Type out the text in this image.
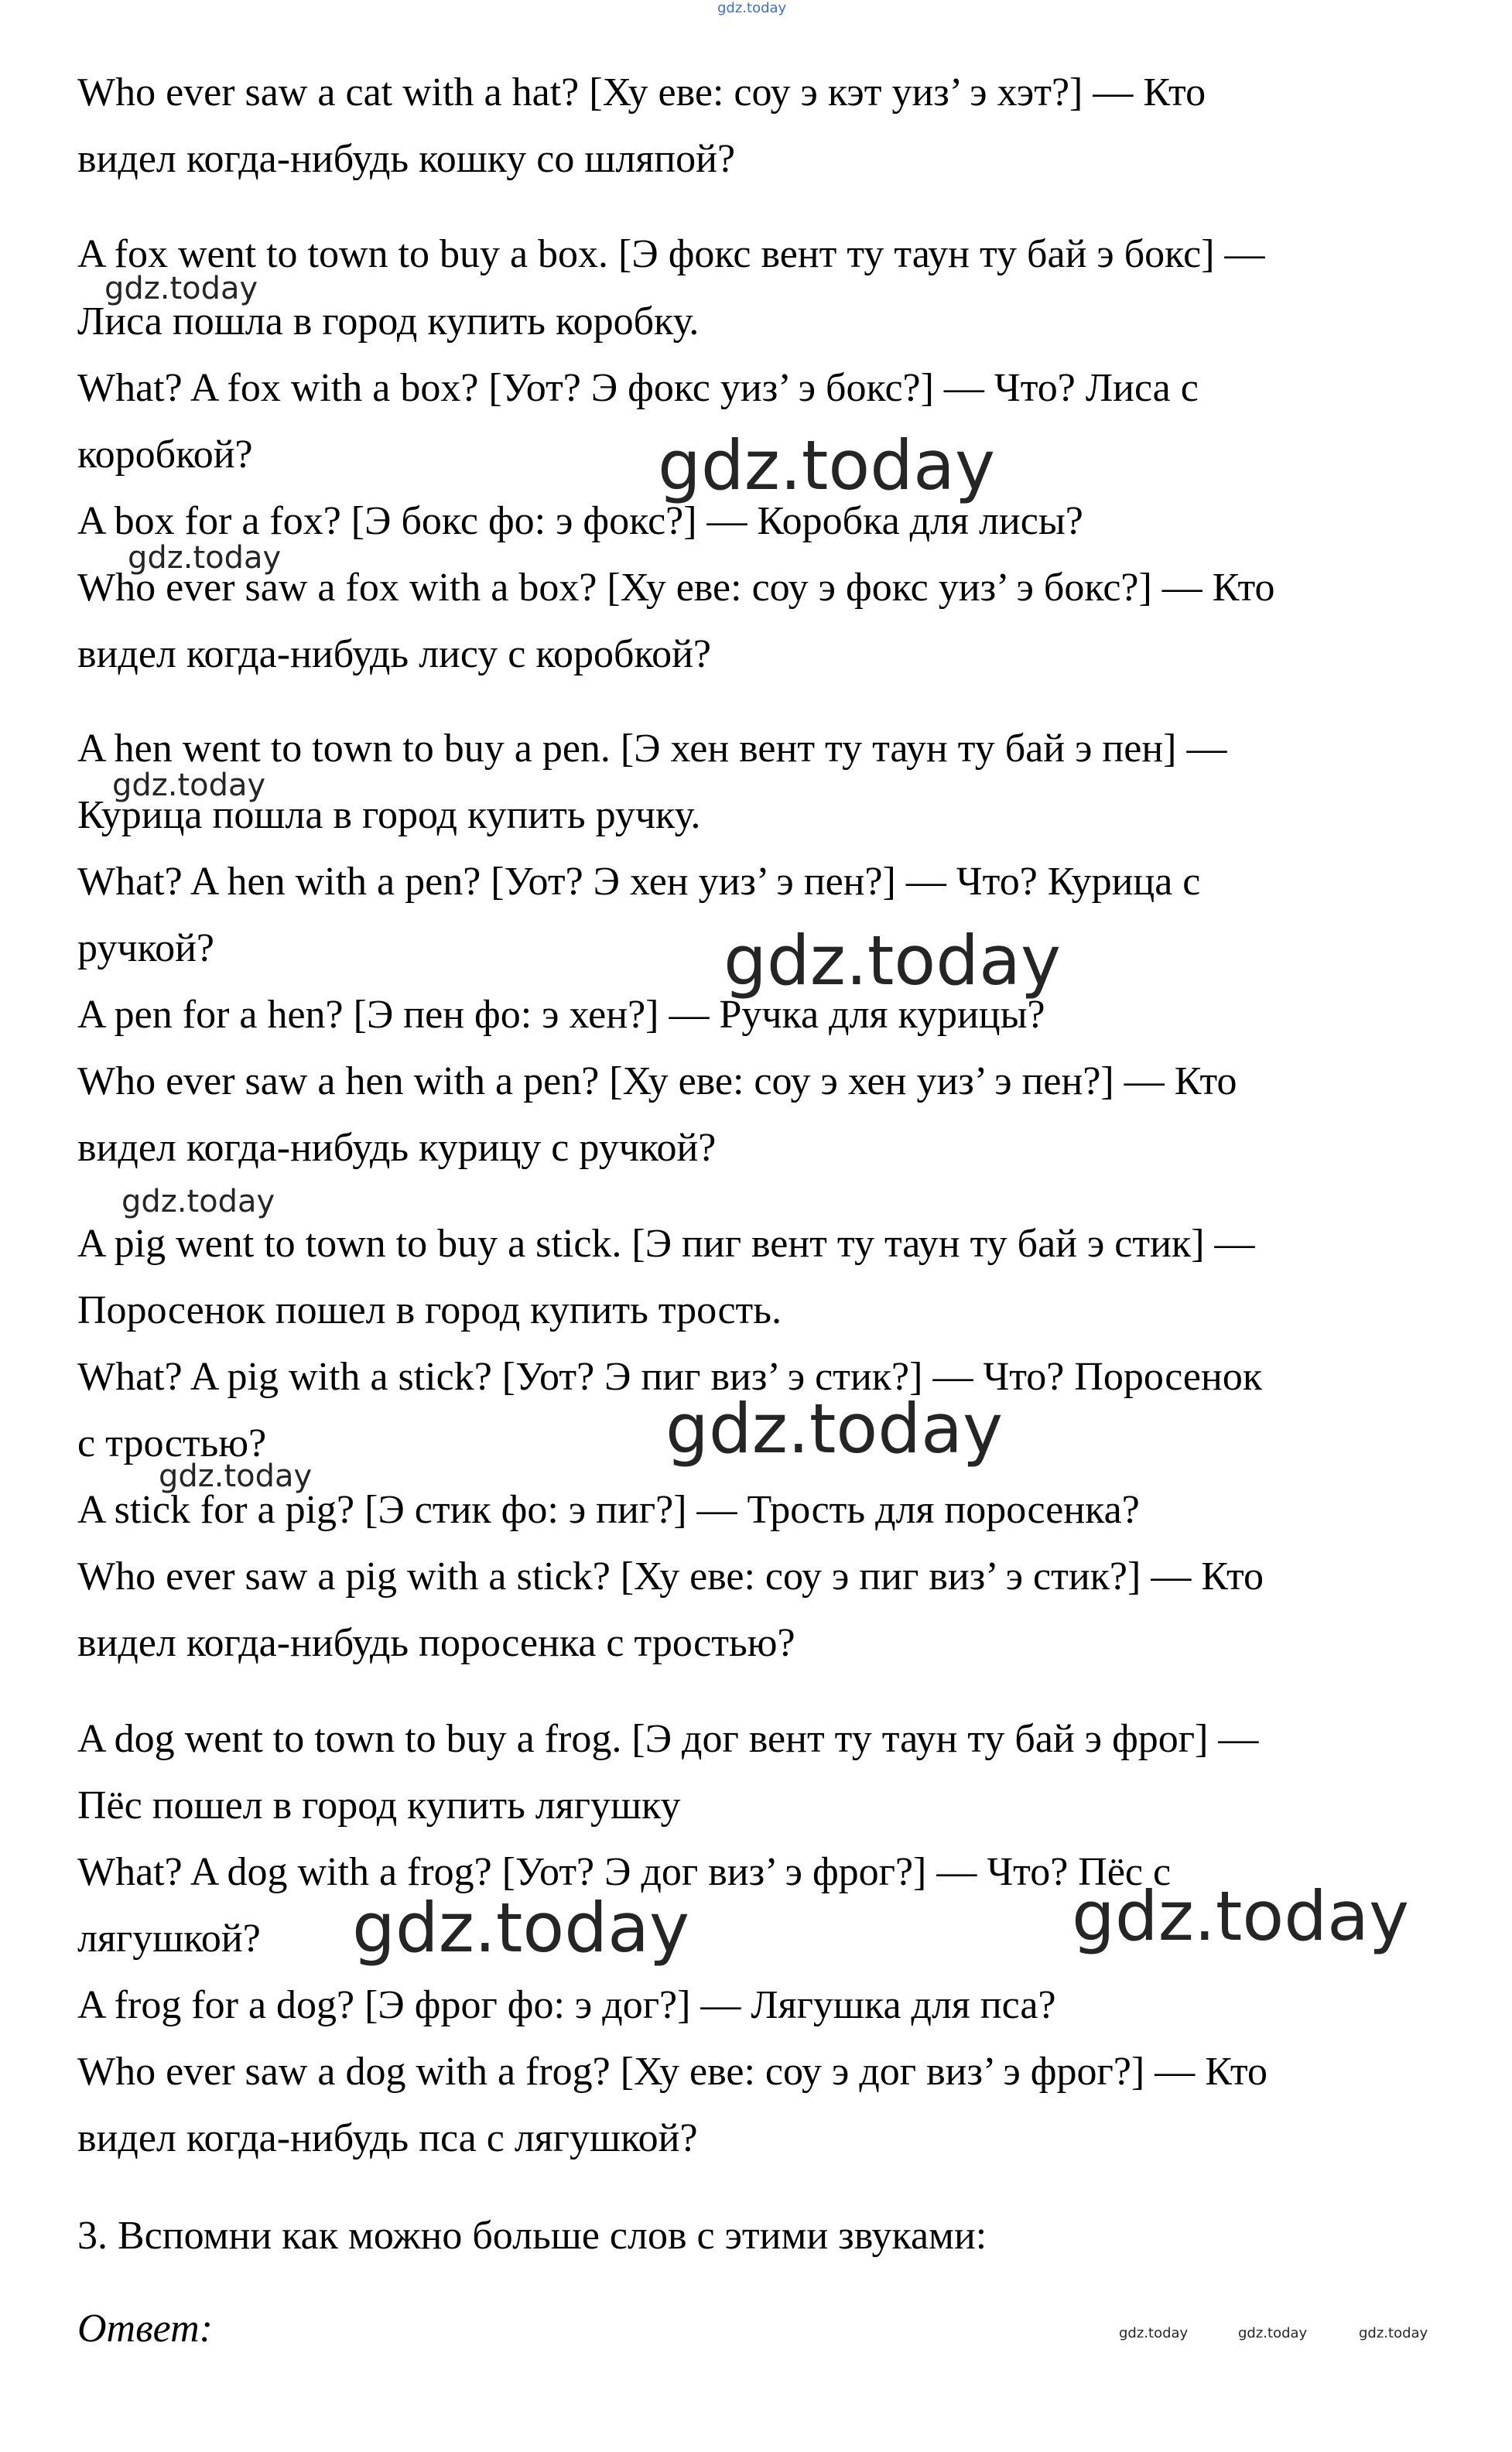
gdz.today
Who ever saw a cat with a hat? [Ху еве: соу э кэт уиз’ э хэт?] — Кто
видел когда-нибудь кошку со шляпой?
A fox went to town to buy a box. [Э фокс вент ту таун ту бай э бокс] —
Лиса пошла в город купить коробку.
What? A fox with a box? [Уот? Э фокс уиз’ э бокс?] — Что? Лиса с
коробкой?
A box for a fox? [Э бокс фо: э фокс?] — Коробка для лисы?
Who ever saw a fox with a box? [Ху еве: соу э фокс уиз’ э бокс?] — Кто
видел когда-нибудь лису с коробкой?
A hen went to town to buy a pen. [Э хен вент ту таун ту бай э пен] —
Курица пошла в город купить ручку.
What? A hen with a pen? [Уот? Э хен уиз’ э пен?] — Что? Курица с
ручкой?
A pen for a hen? [Э пен фо: э хен?] — Ручка для курицы?
Who ever saw a hen with a pen? [Ху еве: соу э хен уиз’ э пен?] — Кто
видел когда-нибудь курицу с ручкой?
A pig went to town to buy a stick. [Э пиг вент ту таун ту бай э стик] —
Поросенок пошел в город купить трость.
What? A pig with a stick? [Уот? Э пиг виз’ э стик?] — Что? Поросенок
с тростью?
A stick for a pig? [Э стик фо: э пиг?] — Трость для поросенка?
Who ever saw a pig with a stick? [Ху еве: соу э пиг виз’ э стик?] — Кто
видел когда-нибудь поросенка с тростью?
A dog went to town to buy a frog. [Э дог вент ту таун ту бай э фрог] —
Пёс пошел в город купить лягушку
What? A dog with a frog? [Уот? Э дог виз’ э фрог?] — Что? Пёс с
лягушкой?
A frog for a dog? [Э фрог фо: э дог?] — Лягушка для пса?
Who ever saw a dog with a frog? [Ху еве: соу э дог виз’ э фрог?] — Кто
видел когда-нибудь пса с лягушкой?
3. Вспомни как можно больше слов с этими звуками:
Ответ:
gdz.today
gdz.today
gdz.today
gdz.today
gdz.today
gdz.today
gdz.today
gdz.today
gdz.today	gdz.today
gdz.today	gdz.today	gdz.today
